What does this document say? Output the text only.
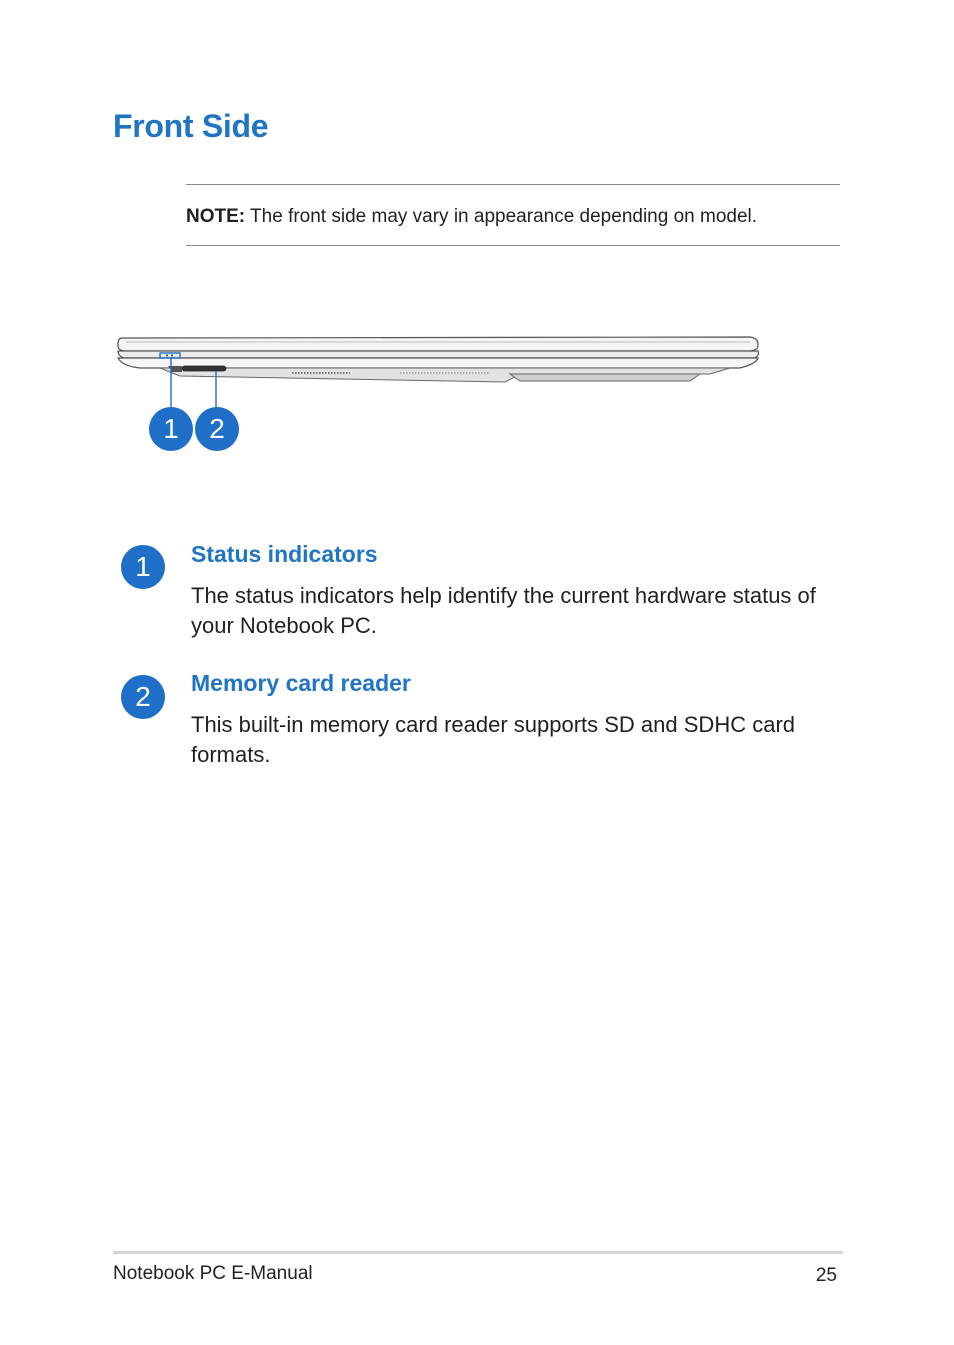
Front Side
NOTE: The front side may vary in appearance depending on model.
1	2
1	Status indicators

The status indicators help identify the current hardware status of your Notebook PC.

2	Memory card reader

This built-in memory card reader supports SD and SDHC card formats.

Notebook PC E-Manual	25
